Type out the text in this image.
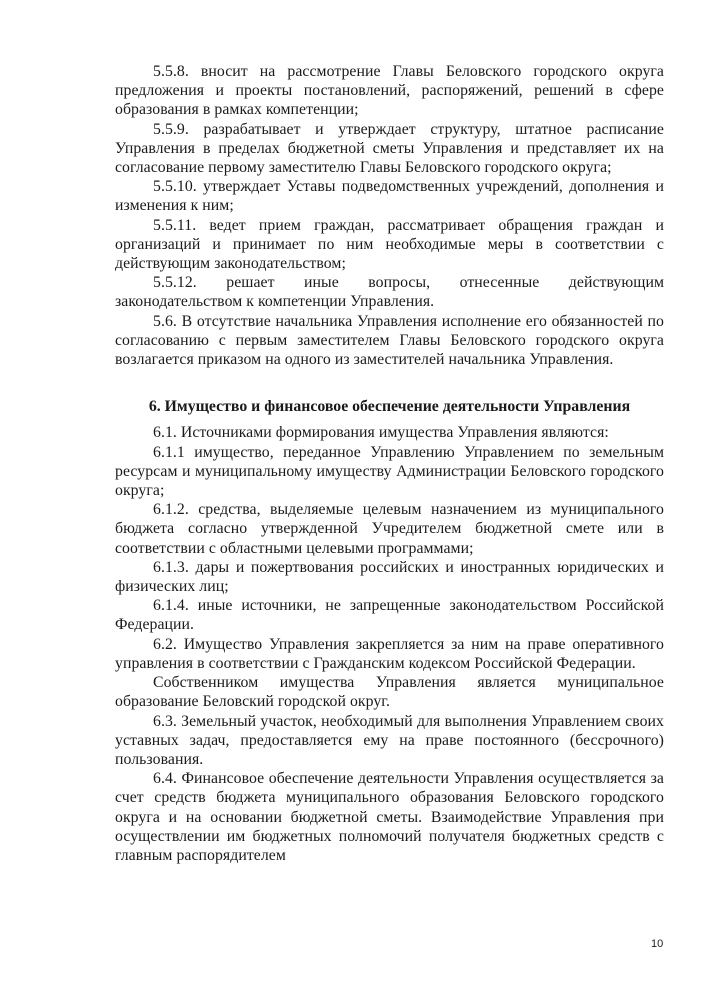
5.5.8. вносит на рассмотрение Главы Беловского городского округа предложения и проекты постановлений, распоряжений, решений в сфере образования в рамках компетенции;

5.5.9. разрабатывает и утверждает структуру, штатное расписание Управления в пределах бюджетной сметы Управления и представляет их на согласование первому заместителю Главы Беловского городского округа;

5.5.10. утверждает Уставы подведомственных учреждений, дополнения и изменения к ним;

5.5.11. ведет прием граждан, рассматривает обращения граждан и организаций и принимает по ним необходимые меры в соответствии с действующим законодательством;

5.5.12. решает иные вопросы, отнесенные действующим законодательством к компетенции Управления.

5.6. В отсутствие начальника Управления исполнение его обязанностей по согласованию с первым заместителем Главы Беловского городского округа возлагается приказом на одного из заместителей начальника Управления.

6. Имущество и финансовое обеспечение деятельности Управления

6.1. Источниками формирования имущества Управления являются:

6.1.1 имущество, переданное Управлению Управлением по земельным ресурсам и муниципальному имуществу Администрации Беловского городского округа;

6.1.2. средства, выделяемые целевым назначением из муниципального бюджета согласно утвержденной Учредителем бюджетной смете или в соответствии с областными целевыми программами;

6.1.3. дары и пожертвования российских и иностранных юридических и физических лиц;

6.1.4. иные источники, не запрещенные законодательством Российской Федерации.

6.2. Имущество Управления закрепляется за ним на праве оперативного управления в соответствии с Гражданским кодексом Российской Федерации.

Собственником имущества Управления является муниципальное образование Беловский городской округ.

6.3. Земельный участок, необходимый для выполнения Управлением своих уставных задач, предоставляется ему на праве постоянного (бессрочного) пользования.

6.4. Финансовое обеспечение деятельности Управления осуществляется за счет средств бюджета муниципального образования Беловского городского округа и на основании бюджетной сметы. Взаимодействие Управления при осуществлении им бюджетных полномочий получателя бюджетных средств с главным распорядителем

10
